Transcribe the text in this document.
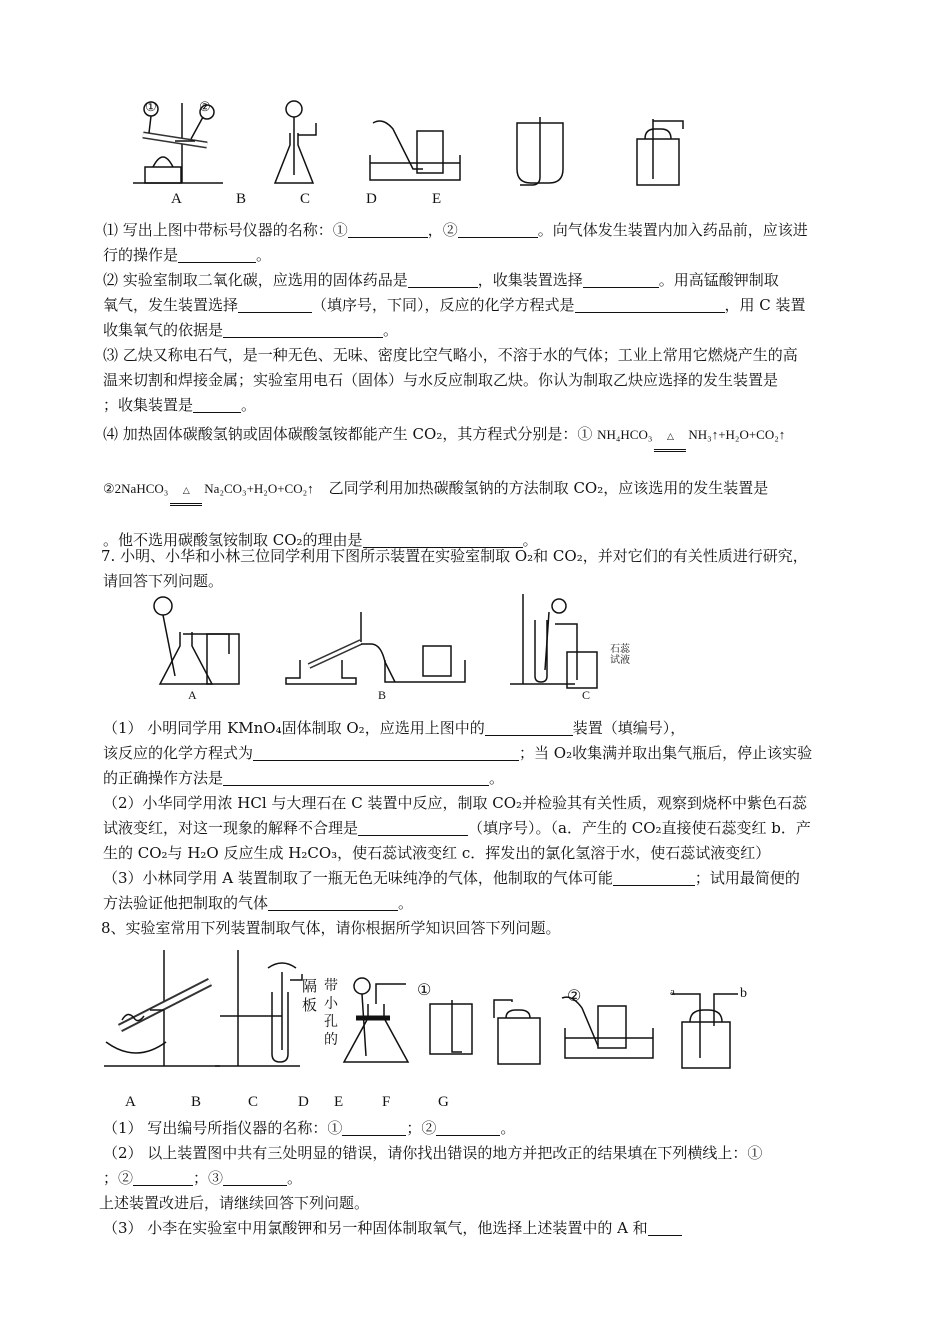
A	B	C	D	E
①	②

⑴ 写出上图中带标号仪器的名称：①	，②	。向气体发生装置内加入药品前，应该进

行的操作是	。

⑵ 实验室制取二氧化碳，应选用的固体药品是	，收集装置选择	。用高锰酸钾制取

氧气，发生装置选择	（填序号，下同），反应的化学方程式是	，用 C 装置

收集氧气的依据是	。

⑶ 乙炔又称电石气，是一种无色、无味、密度比空气略小，不溶于水的气体；工业上常用它燃烧产生的高

温来切割和焊接金属；实验室用电石（固体）与水反应制取乙炔。你认为制取乙炔应选择的发生装置是

；收集装置是	。

⑷ 加热固体碳酸氢钠或固体碳酸氢铵都能产生 CO₂，其方程式分别是：① NH₄HCO₃ △ NH₃↑+H₂O+CO₂↑

②2NaHCO₃ △ Na₂CO₃+H₂O+CO₂↑　 乙同学利用加热碳酸氢钠的方法制取 CO₂，应该选用的发生装置是

。他不选用碳酸氢铵制取 CO₂的理由是	。

7. 小明、小华和小林三位同学利用下图所示装置在实验室制取 O₂和 CO₂，并对它们的有关性质进行研究，

请回答下列问题。

A	B	C
石蕊试液

（1） 小明同学用 KMnO₄固体制取 O₂，应选用上图中的	装置（填编号），

该反应的化学方程式为	；当 O₂收集满并取出集气瓶后，停止该实验

的正确操作方法是	。

（2）小华同学用浓 HCl 与大理石在 C 装置中反应，制取 CO₂并检验其有关性质，观察到烧杯中紫色石蕊

试液变红，对这一现象的解释不合理是	（填序号）。（a．产生的 CO₂直接使石蕊变红 b．产

生的 CO₂与 H₂O 反应生成 H₂CO₃，使石蕊试液变红 c．挥发出的氯化氢溶于水，使石蕊试液变红）

（3）小林同学用 A 装置制取了一瓶无色无味纯净的气体，他制取的气体可能	；试用最简便的

方法验证他把制取的气体	。

8、实验室常用下列装置制取气体，请你根据所学知识回答下列问题。

①	②	a	b
隔板
带小孔的
A	B	C	D E	F	G

（1） 写出编号所指仪器的名称：①	；②	。

（2） 以上装置图中共有三处明显的错误，请你找出错误的地方并把改正的结果填在下列横线上：①

；②	；③	。

上述装置改进后，请继续回答下列问题。

（3） 小李在实验室中用氯酸钾和另一种固体制取氧气，他选择上述装置中的 A 和
